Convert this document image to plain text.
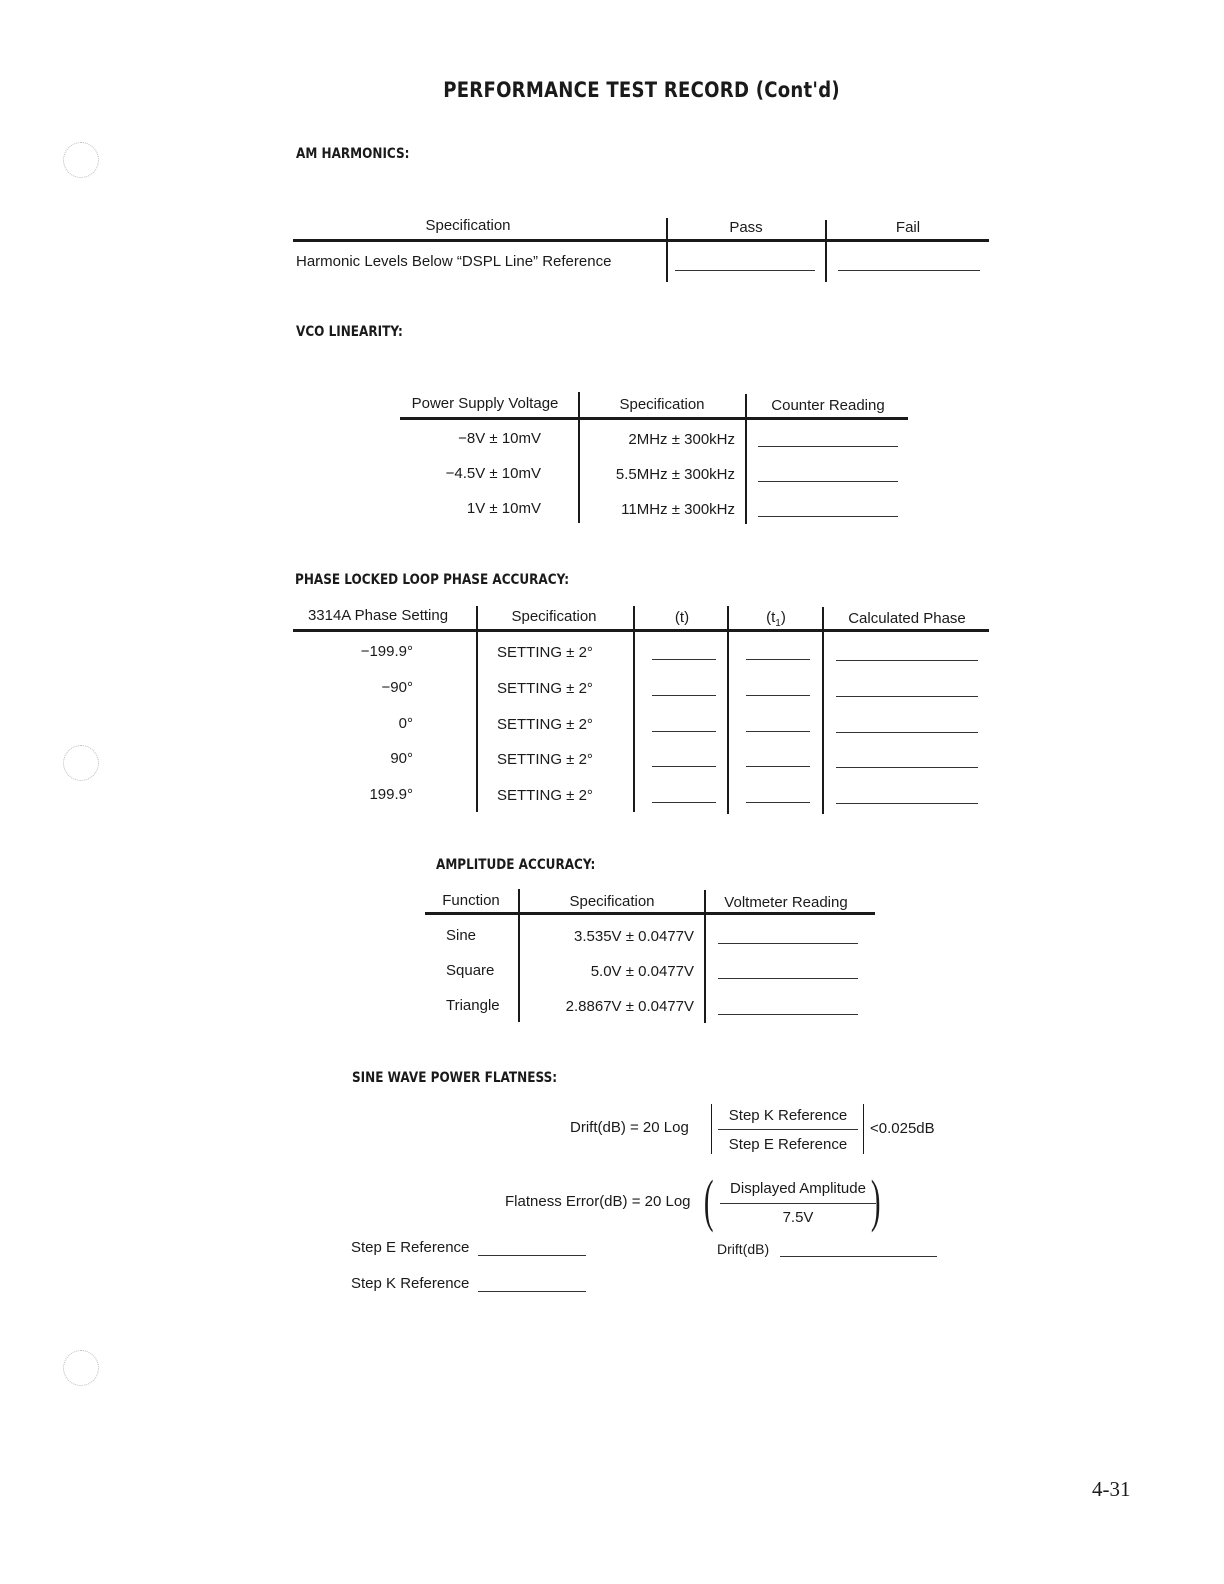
PERFORMANCE TEST RECORD (Cont'd)
AM HARMONICS:
Specification	Pass	Fail
Harmonic Levels Below “DSPL Line” Reference
VCO LINEARITY:
Power Supply Voltage	Specification	Counter Reading
−8V ± 10mV	2MHz ± 300kHz
−4.5V ± 10mV	5.5MHz ± 300kHz
1V ± 10mV	11MHz ± 300kHz
PHASE LOCKED LOOP PHASE ACCURACY:
3314A Phase Setting	Specification	(t)	$(t_1)$	Calculated Phase
−199.9°	SETTING ± 2°
−90°	SETTING ± 2°
0°	SETTING ± 2°
90°	SETTING ± 2°
199.9°	SETTING ± 2°
AMPLITUDE ACCURACY:
Function	Specification	Voltmeter Reading
Sine	3.535V ± 0.0477V
Square	5.0V ± 0.0477V
Triangle	2.8867V ± 0.0477V
SINE WAVE POWER FLATNESS:
Drift(dB) = 20 Log
Step K Reference
Step E Reference
<0.025dB
Flatness Error(dB) = 20 Log (	Displayed Amplitude
7.5V )
Step E Reference	Drift(dB)
Step K Reference
4-31
